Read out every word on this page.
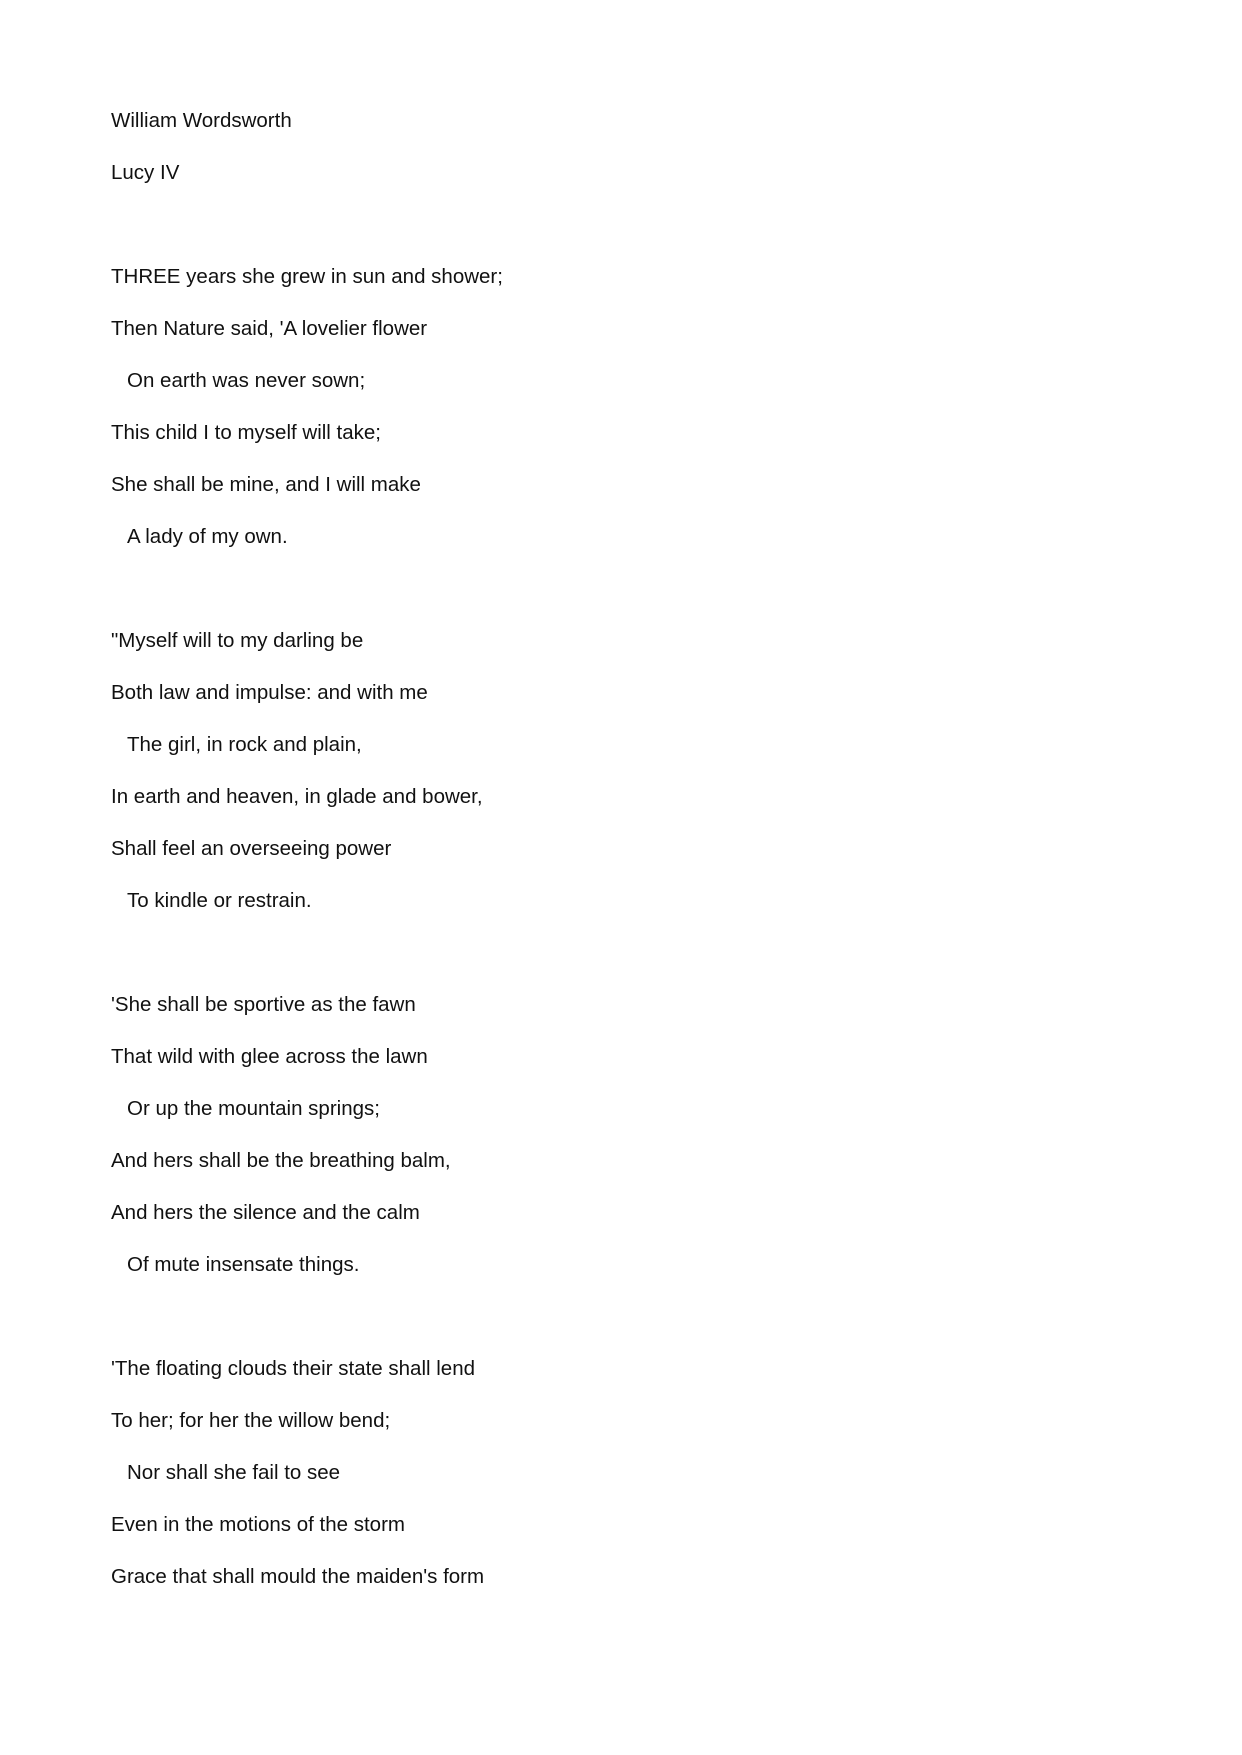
William Wordsworth
Lucy IV
THREE years she grew in sun and shower;
Then Nature said, 'A lovelier flower
On earth was never sown;
This child I to myself will take;
She shall be mine, and I will make
A lady of my own.
"Myself will to my darling be
Both law and impulse: and with me
The girl, in rock and plain,
In earth and heaven, in glade and bower,
Shall feel an overseeing power
To kindle or restrain.
'She shall be sportive as the fawn
That wild with glee across the lawn
Or up the mountain springs;
And hers shall be the breathing balm,
And hers the silence and the calm
Of mute insensate things.
'The floating clouds their state shall lend
To her; for her the willow bend;
Nor shall she fail to see
Even in the motions of the storm
Grace that shall mould the maiden's form
